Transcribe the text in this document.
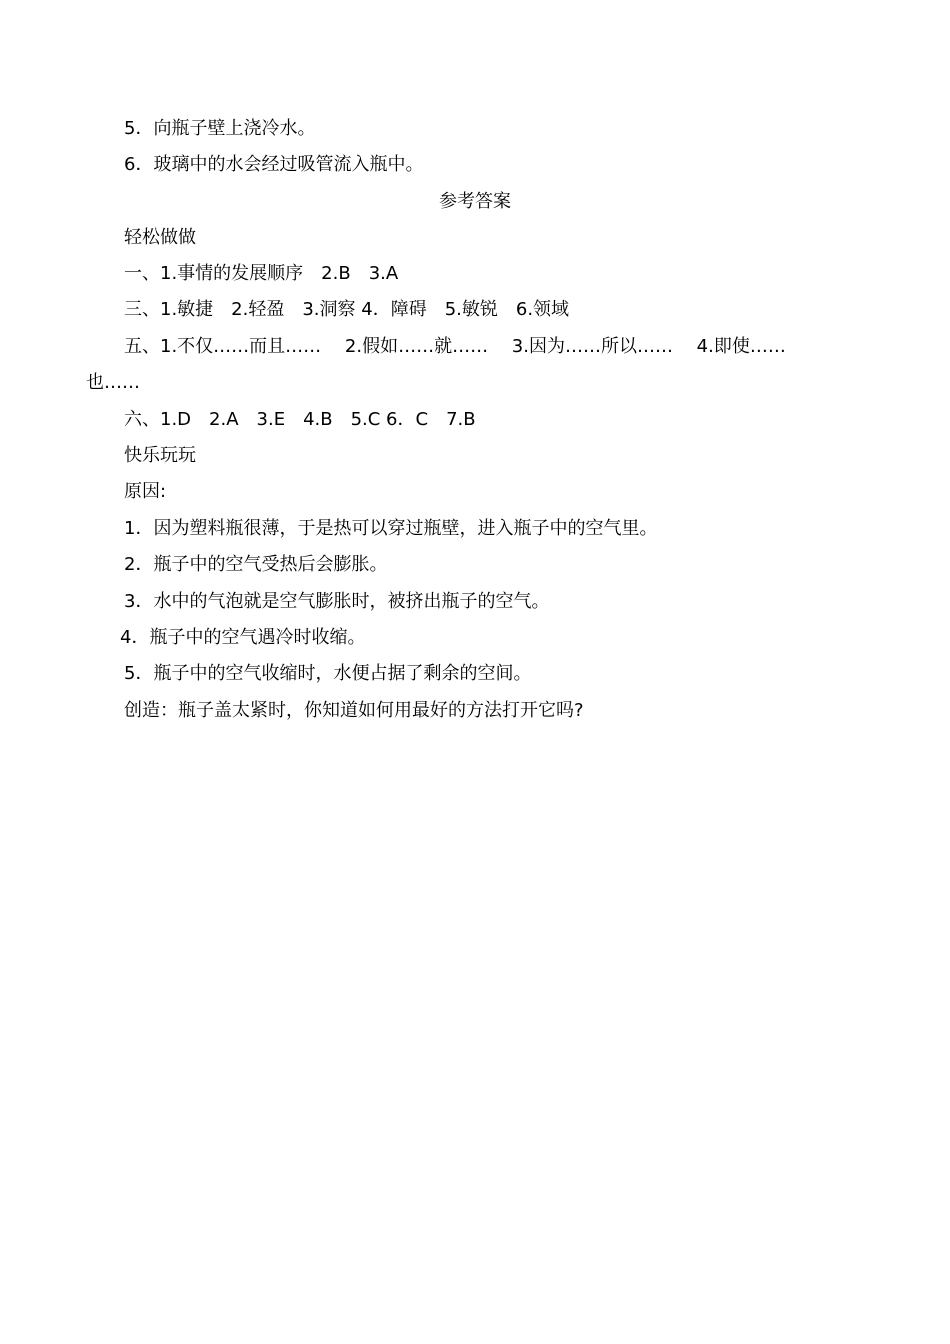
5．向瓶子壁上浇冷水。
6．玻璃中的水会经过吸管流入瓶中。
参考答案
轻松做做
一、1.事情的发展顺序　2.B　3.A
三、1.敏捷　2.轻盈　3.洞察 4．障碍　5.敏锐　6.领域
五、1.不仅……而且……　 2.假如……就……　 3.因为……所以……　 4.即使……
也……
六、1.D　2.A　3.E　4.B　5.C 6．C　7.B
快乐玩玩
原因:
1．因为塑料瓶很薄，于是热可以穿过瓶壁，进入瓶子中的空气里。
2．瓶子中的空气受热后会膨胀。
3．水中的气泡就是空气膨胀时，被挤出瓶子的空气。
4．瓶子中的空气遇冷时收缩。
5．瓶子中的空气收缩时，水便占据了剩余的空间。
创造：瓶子盖太紧时，你知道如何用最好的方法打开它吗?
